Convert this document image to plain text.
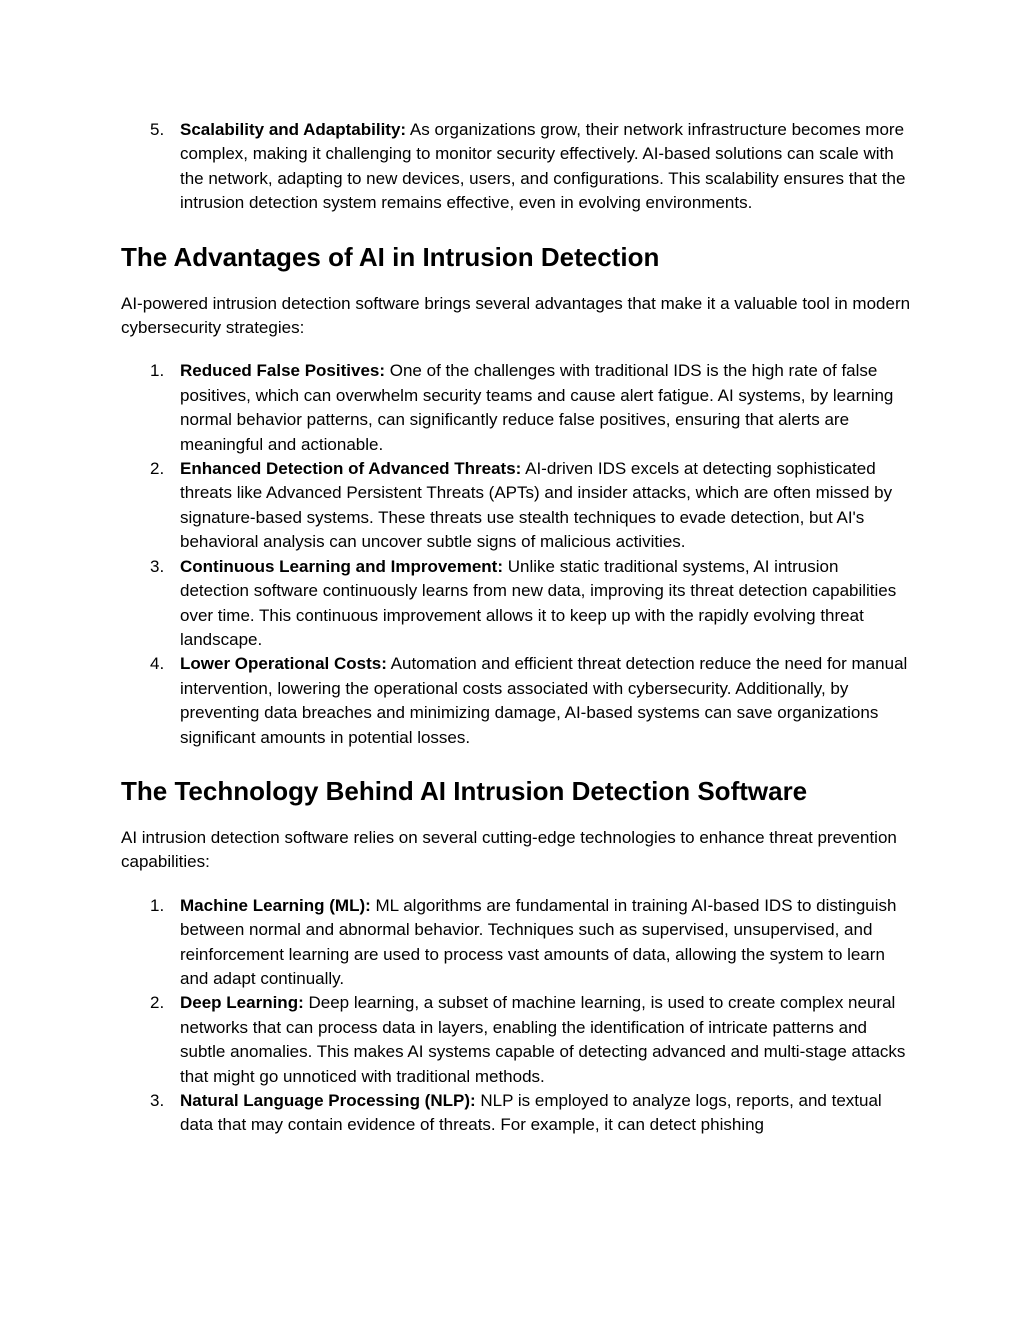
5. Scalability and Adaptability: As organizations grow, their network infrastructure becomes more complex, making it challenging to monitor security effectively. AI-based solutions can scale with the network, adapting to new devices, users, and configurations. This scalability ensures that the intrusion detection system remains effective, even in evolving environments.
The Advantages of AI in Intrusion Detection

AI-powered intrusion detection software brings several advantages that make it a valuable tool in modern cybersecurity strategies:

1. Reduced False Positives: One of the challenges with traditional IDS is the high rate of false positives, which can overwhelm security teams and cause alert fatigue. AI systems, by learning normal behavior patterns, can significantly reduce false positives, ensuring that alerts are meaningful and actionable.
2. Enhanced Detection of Advanced Threats: AI-driven IDS excels at detecting sophisticated threats like Advanced Persistent Threats (APTs) and insider attacks, which are often missed by signature-based systems. These threats use stealth techniques to evade detection, but AI's behavioral analysis can uncover subtle signs of malicious activities.
3. Continuous Learning and Improvement: Unlike static traditional systems, AI intrusion detection software continuously learns from new data, improving its threat detection capabilities over time. This continuous improvement allows it to keep up with the rapidly evolving threat landscape.
4. Lower Operational Costs: Automation and efficient threat detection reduce the need for manual intervention, lowering the operational costs associated with cybersecurity. Additionally, by preventing data breaches and minimizing damage, AI-based systems can save organizations significant amounts in potential losses.
The Technology Behind AI Intrusion Detection Software

AI intrusion detection software relies on several cutting-edge technologies to enhance threat prevention capabilities:

1. Machine Learning (ML): ML algorithms are fundamental in training AI-based IDS to distinguish between normal and abnormal behavior. Techniques such as supervised, unsupervised, and reinforcement learning are used to process vast amounts of data, allowing the system to learn and adapt continually.
2. Deep Learning: Deep learning, a subset of machine learning, is used to create complex neural networks that can process data in layers, enabling the identification of intricate patterns and subtle anomalies. This makes AI systems capable of detecting advanced and multi-stage attacks that might go unnoticed with traditional methods.
3. Natural Language Processing (NLP): NLP is employed to analyze logs, reports, and textual data that may contain evidence of threats. For example, it can detect phishing
